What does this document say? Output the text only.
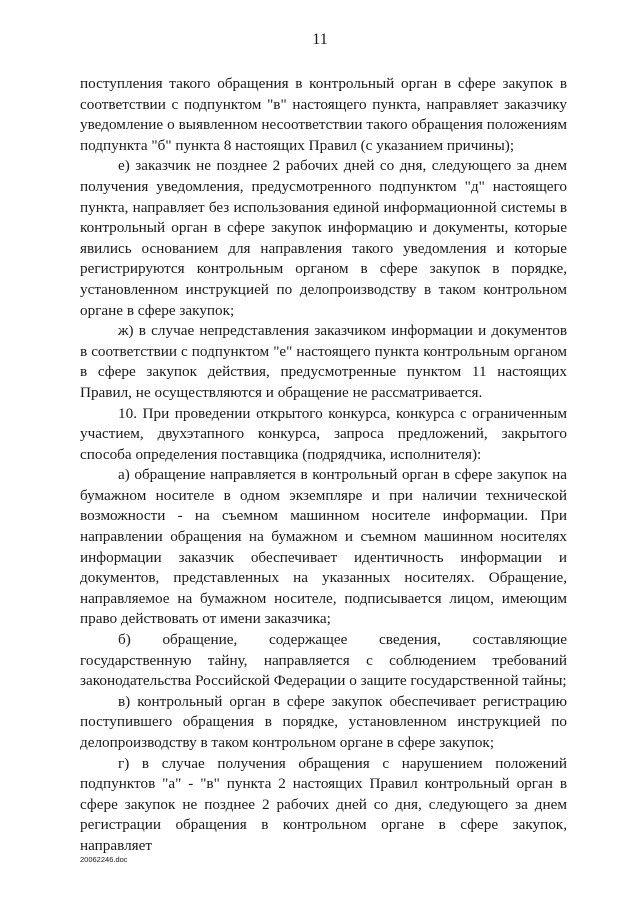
11

поступления такого обращения в контрольный орган в сфере закупок в соответствии с подпунктом "в" настоящего пункта, направляет заказчику уведомление о выявленном несоответствии такого обращения положениям подпункта "б" пункта 8 настоящих Правил (с указанием причины);

е) заказчик не позднее 2 рабочих дней со дня, следующего за днем получения уведомления, предусмотренного подпунктом "д" настоящего пункта, направляет без использования единой информационной системы в контрольный орган в сфере закупок информацию и документы, которые явились основанием для направления такого уведомления и которые регистрируются контрольным органом в сфере закупок в порядке, установленном инструкцией по делопроизводству в таком контрольном органе в сфере закупок;

ж) в случае непредставления заказчиком информации и документов в соответствии с подпунктом "е" настоящего пункта контрольным органом в сфере закупок действия, предусмотренные пунктом 11 настоящих Правил, не осуществляются и обращение не рассматривается.

10. При проведении открытого конкурса, конкурса с ограниченным участием, двухэтапного конкурса, запроса предложений, закрытого способа определения поставщика (подрядчика, исполнителя):

а) обращение направляется в контрольный орган в сфере закупок на бумажном носителе в одном экземпляре и при наличии технической возможности - на съемном машинном носителе информации. При направлении обращения на бумажном и съемном машинном носителях информации заказчик обеспечивает идентичность информации и документов, представленных на указанных носителях. Обращение, направляемое на бумажном носителе, подписывается лицом, имеющим право действовать от имени заказчика;

б) обращение, содержащее сведения, составляющие государственную тайну, направляется с соблюдением требований законодательства Российской Федерации о защите государственной тайны;

в) контрольный орган в сфере закупок обеспечивает регистрацию поступившего обращения в порядке, установленном инструкцией по делопроизводству в таком контрольном органе в сфере закупок;

г) в случае получения обращения с нарушением положений подпунктов "а" - "в" пункта 2 настоящих Правил контрольный орган в сфере закупок не позднее 2 рабочих дней со дня, следующего за днем регистрации обращения в контрольном органе в сфере закупок, направляет

20062246.doc
